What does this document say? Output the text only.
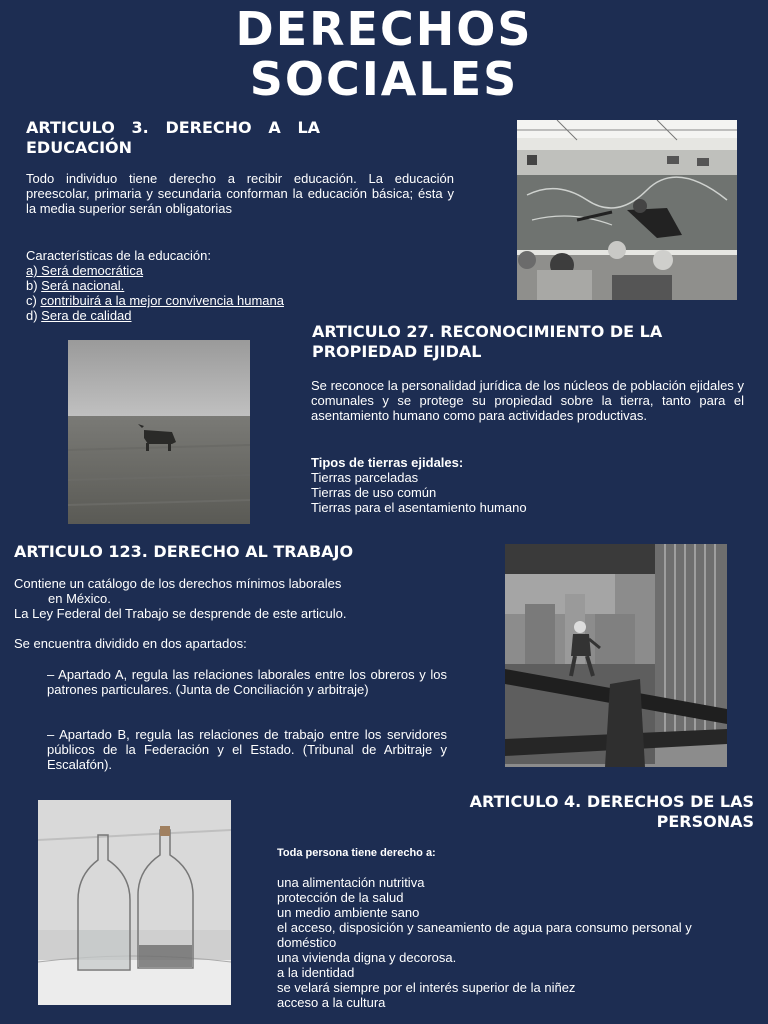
DERECHOS
SOCIALES
ARTICULO   3.   DERECHO   A   LA
EDUCACIÓN
Todo individuo tiene derecho a recibir educación. La educación preescolar, primaria y secundaria conforman la educación básica; ésta y la media superior serán obligatorias
Características de la educación:
a) Será democrática
b) Será nacional.
c) contribuirá a la mejor convivencia humana
d) Sera de calidad
ARTICULO 27. RECONOCIMIENTO DE LA
PROPIEDAD EJIDAL
Se reconoce la personalidad jurídica de los núcleos de población ejidales y comunales y se protege su propiedad sobre la tierra, tanto para el asentamiento humano como para actividades productivas.
Tipos de tierras ejidales:
Tierras parceladas
Tierras de uso común
Tierras para el asentamiento humano
ARTICULO 123. DERECHO AL TRABAJO
Contiene un catálogo de los derechos mínimos laborales
en México.
La Ley Federal del Trabajo se desprende de este articulo.
Se encuentra dividido en dos apartados:
– Apartado A, regula las relaciones laborales entre los obreros y los patrones particulares. (Junta de Conciliación y arbitraje)
– Apartado B, regula las relaciones de trabajo entre los servidores públicos de la Federación y el Estado. (Tribunal de Arbitraje y Escalafón).
ARTICULO 4. DERECHOS DE LAS
PERSONAS
Toda persona tiene derecho a:
una alimentación nutritiva
protección de la salud
un medio ambiente sano
el acceso, disposición y saneamiento de agua para consumo personal y doméstico
una vivienda digna y decorosa.
a la identidad
se velará siempre por el interés superior de la niñez
acceso a la cultura
